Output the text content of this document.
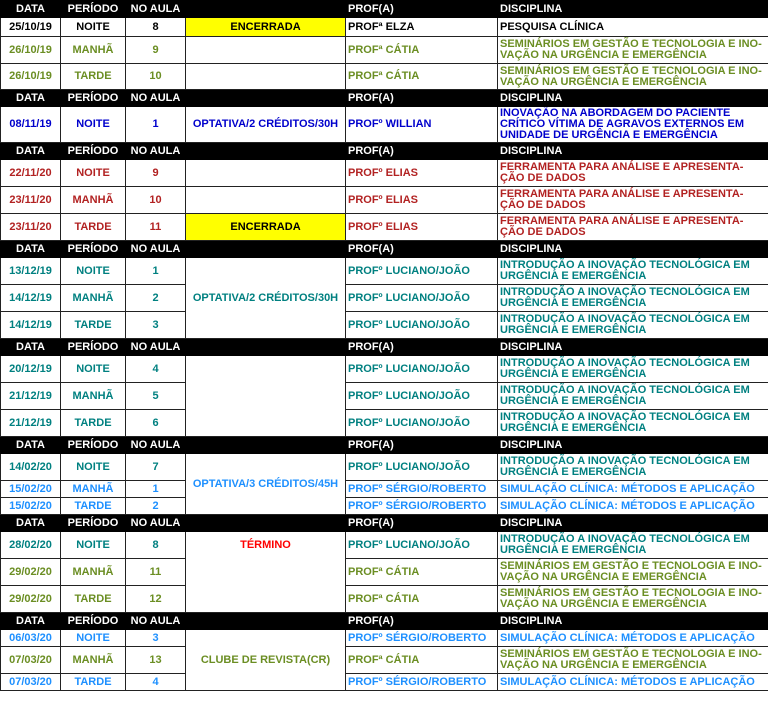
DATA	PERÍODO	NO AULA		PROF(A)	DISCIPLINA
25/10/19	NOITE	8	ENCERRADA	PROFª ELZA	PESQUISA CLÍNICA
26/10/19	MANHÃ	9		PROFª CÁTIA	SEMINÁRIOS EM GESTÃO E TECNOLOGIA E INO-VAÇÃO NA URGÊNCIA E EMERGÊNCIA
26/10/19	TARDE	10		PROFª CÁTIA	SEMINÁRIOS EM GESTÃO E TECNOLOGIA E INO-VAÇÃO NA URGÊNCIA E EMERGÊNCIA
DATA	PERÍODO	NO AULA		PROF(A)	DISCIPLINA
08/11/19	NOITE	1	OPTATIVA/2 CRÉDITOS/30H	PROFº WILLIAN	INOVAÇÃO NA ABORDAGEM DO PACIENTE CRÍTICO VÍTIMA DE AGRAVOS EXTERNOS EM UNIDADE DE URGÊNCIA E EMERGÊNCIA
DATA	PERÍODO	NO AULA		PROF(A)	DISCIPLINA
22/11/20	NOITE	9		PROFº ELIAS	FERRAMENTA PARA ANÁLISE E APRESENTA-ÇÃO DE DADOS
23/11/20	MANHÃ	10		PROFº ELIAS	FERRAMENTA PARA ANÁLISE E APRESENTA-ÇÃO DE DADOS
23/11/20	TARDE	11	ENCERRADA	PROFº ELIAS	FERRAMENTA PARA ANÁLISE E APRESENTA-ÇÃO DE DADOS
DATA	PERÍODO	NO AULA		PROF(A)	DISCIPLINA
13/12/19	NOITE	1	OPTATIVA/2 CRÉDITOS/30H	PROFº LUCIANO/JOÃO	INTRODUÇÃO A INOVAÇÃO TECNOLÓGICA EM URGÊNCIA E EMERGÊNCIA
14/12/19	MANHÃ	2		PROFº LUCIANO/JOÃO	INTRODUÇÃO A INOVAÇÃO TECNOLÓGICA EM URGÊNCIA E EMERGÊNCIA
14/12/19	TARDE	3		PROFº LUCIANO/JOÃO	INTRODUÇÃO A INOVAÇÃO TECNOLÓGICA EM URGÊNCIA E EMERGÊNCIA
DATA	PERÍODO	NO AULA		PROF(A)	DISCIPLINA
20/12/19	NOITE	4		PROFº LUCIANO/JOÃO	INTRODUÇÃO A INOVAÇÃO TECNOLÓGICA EM URGÊNCIA E EMERGÊNCIA
21/12/19	MANHÃ	5		PROFº LUCIANO/JOÃO	INTRODUÇÃO A INOVAÇÃO TECNOLÓGICA EM URGÊNCIA E EMERGÊNCIA
21/12/19	TARDE	6		PROFº LUCIANO/JOÃO	INTRODUÇÃO A INOVAÇÃO TECNOLÓGICA EM URGÊNCIA E EMERGÊNCIA
DATA	PERÍODO	NO AULA		PROF(A)	DISCIPLINA
14/02/20	NOITE	7	OPTATIVA/3 CRÉDITOS/45H	PROFº LUCIANO/JOÃO	INTRODUÇÃO A INOVAÇÃO TECNOLÓGICA EM URGÊNCIA E EMERGÊNCIA
15/02/20	MANHÃ	1		PROFº SÉRGIO/ROBERTO	SIMULAÇÃO CLÍNICA: MÉTODOS E APLICAÇÃO
15/02/20	TARDE	2		PROFº SÉRGIO/ROBERTO	SIMULAÇÃO CLÍNICA: MÉTODOS E APLICAÇÃO
DATA	PERÍODO	NO AULA		PROF(A)	DISCIPLINA
28/02/20	NOITE	8	TÉRMINO	PROFº LUCIANO/JOÃO	INTRODUÇÃO A INOVAÇÃO TECNOLÓGICA EM URGÊNCIA E EMERGÊNCIA
29/02/20	MANHÃ	11		PROFª CÁTIA	SEMINÁRIOS EM GESTÃO E TECNOLOGIA E INO-VAÇÃO NA URGÊNCIA E EMERGÊNCIA
29/02/20	TARDE	12		PROFª CÁTIA	SEMINÁRIOS EM GESTÃO E TECNOLOGIA E INO-VAÇÃO NA URGÊNCIA E EMERGÊNCIA
DATA	PERÍODO	NO AULA		PROF(A)	DISCIPLINA
06/03/20	NOITE	3	CLUBE DE REVISTA(CR)	PROFº SÉRGIO/ROBERTO	SIMULAÇÃO CLÍNICA: MÉTODOS E APLICAÇÃO
07/03/20	MANHÃ	13		PROFª CÁTIA	SEMINÁRIOS EM GESTÃO E TECNOLOGIA E INO-VAÇÃO NA URGÊNCIA E EMERGÊNCIA
07/03/20	TARDE	4		PROFº SÉRGIO/ROBERTO	SIMULAÇÃO CLÍNICA: MÉTODOS E APLICAÇÃO
